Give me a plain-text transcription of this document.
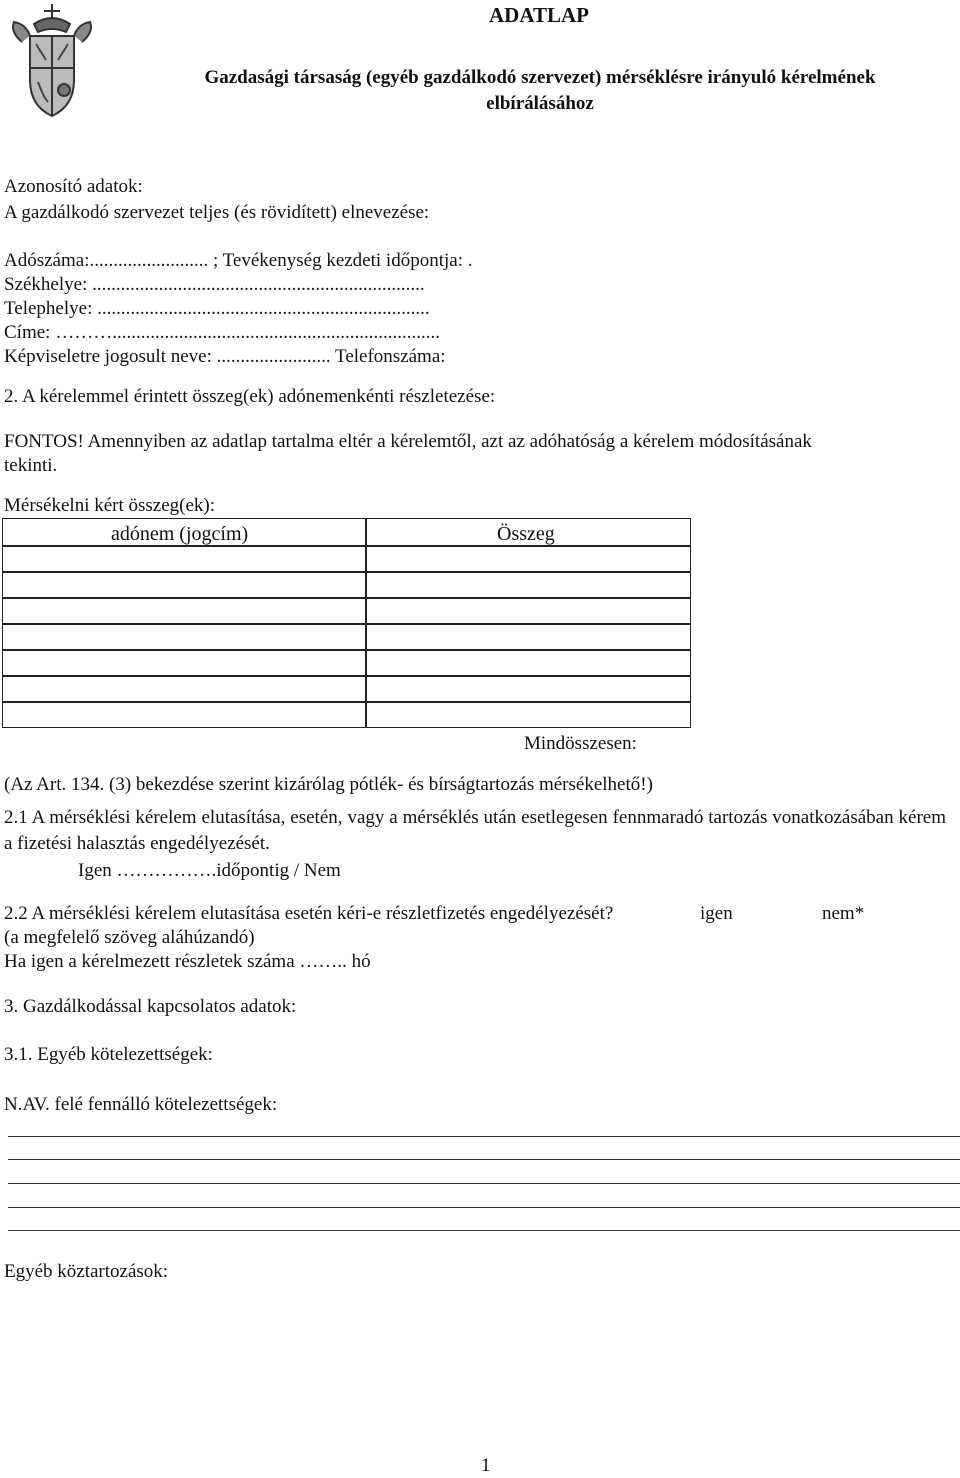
ADATLAP
Gazdasági társaság (egyéb gazdálkodó szervezet) mérséklésre irányuló kérelmének elbírálásához
Azonosító adatok:
A gazdálkodó szervezet teljes (és rövidített) elnevezése:
Adószáma:......................... ; Tevékenység kezdeti időpontja: .
Székhelye: ......................................................................
Telephelye: ......................................................................
Címe: ……….....................................................................
Képviseletre jogosult neve: ........................ Telefonszáma:
2. A kérelemmel érintett összeg(ek) adónemenkénti részletezése:
FONTOS! Amennyiben az adatlap tartalma eltér a kérelemtől, azt az adóhatóság a kérelem módosításának
tekinti.
Mérsékelni kért összeg(ek):
adónem (jogcím)	Összeg
Mindösszesen:
(Az Art. 134. (3) bekezdése szerint kizárólag pótlék- és bírságtartozás mérsékelhető!)
2.1 A mérséklési kérelem elutasítása, esetén, vagy a mérséklés után esetlegesen fennmaradó tartozás vonatkozásában kérem a fizetési halasztás engedélyezését.
Igen …………….időpontig / Nem
2.2 A mérséklési kérelem elutasítása esetén kéri-e részletfizetés engedélyezését?	igen	nem*
(a megfelelő szöveg aláhúzandó)
Ha igen a kérelmezett részletek száma …….. hó
3. Gazdálkodással kapcsolatos adatok:
3.1. Egyéb kötelezettségek:
N.AV. felé fennálló kötelezettségek:
Egyéb köztartozások:
1
